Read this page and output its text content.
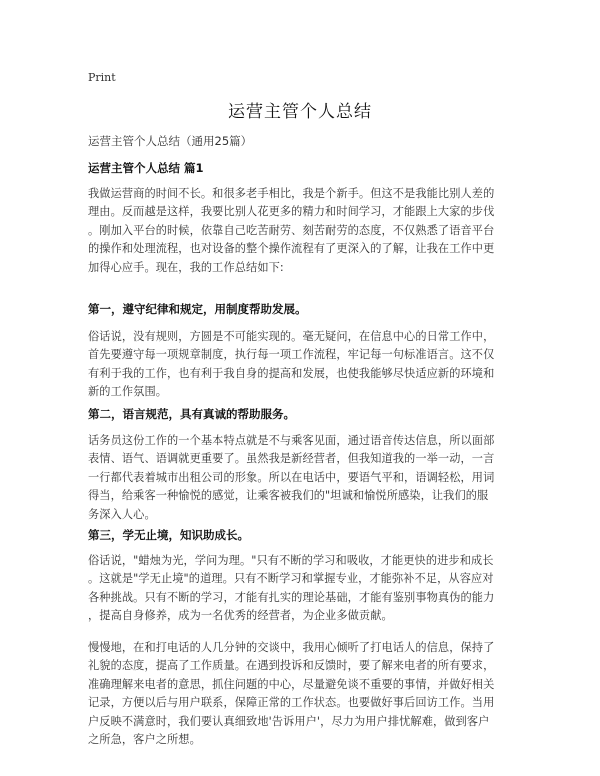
Print
运营主管个人总结

运营主管个人总结（通用25篇）

运营主管个人总结 篇1

我做运营商的时间不长。和很多老手相比，我是个新手。但这不是我能比别人差的
理由。反而越是这样，我要比别人花更多的精力和时间学习，才能跟上大家的步伐
。刚加入平台的时候，依靠自己吃苦耐劳、刻苦耐劳的态度，不仅熟悉了语音平台
的操作和处理流程，也对设备的整个操作流程有了更深入的了解，让我在工作中更
加得心应手。现在，我的工作总结如下:

第一，遵守纪律和规定，用制度帮助发展。

俗话说，没有规则，方圆是不可能实现的。毫无疑问，在信息中心的日常工作中，
首先要遵守每一项规章制度，执行每一项工作流程，牢记每一句标准语言。这不仅
有利于我的工作，也有利于我自身的提高和发展，也使我能够尽快适应新的环境和
新的工作氛围。

第二，语言规范，具有真诚的帮助服务。

话务员这份工作的一个基本特点就是不与乘客见面，通过语音传达信息，所以面部
表情、语气、语调就更重要了。虽然我是新经营者，但我知道我的一举一动，一言
一行都代表着城市出租公司的形象。所以在电话中，要语气平和，语调轻松，用词
得当，给乘客一种愉悦的感觉，让乘客被我们的"坦诚和愉悦所感染，让我们的服
务深入人心。

第三，学无止境，知识助成长。

俗话说，"蜡烛为光，学问为理。"只有不断的学习和吸收，才能更快的进步和成长
。这就是"学无止境"的道理。只有不断学习和掌握专业，才能弥补不足，从容应对
各种挑战。只有不断的学习，才能有扎实的理论基础，才能有鉴别事物真伪的能力
，提高自身修养，成为一名优秀的经营者，为企业多做贡献。

慢慢地，在和打电话的人几分钟的交谈中，我用心倾听了打电话人的信息，保持了
礼貌的态度，提高了工作质量。在遇到投诉和反馈时，要了解来电者的所有要求，
准确理解来电者的意思，抓住问题的中心，尽量避免谈不重要的事情，并做好相关
记录，方便以后与用户联系，保障正常的工作状态。也要做好事后回访工作。当用
户反映不满意时，我们要认真细致地'告诉用户'，尽力为用户排忧解难，做到客户
之所急，客户之所想。
